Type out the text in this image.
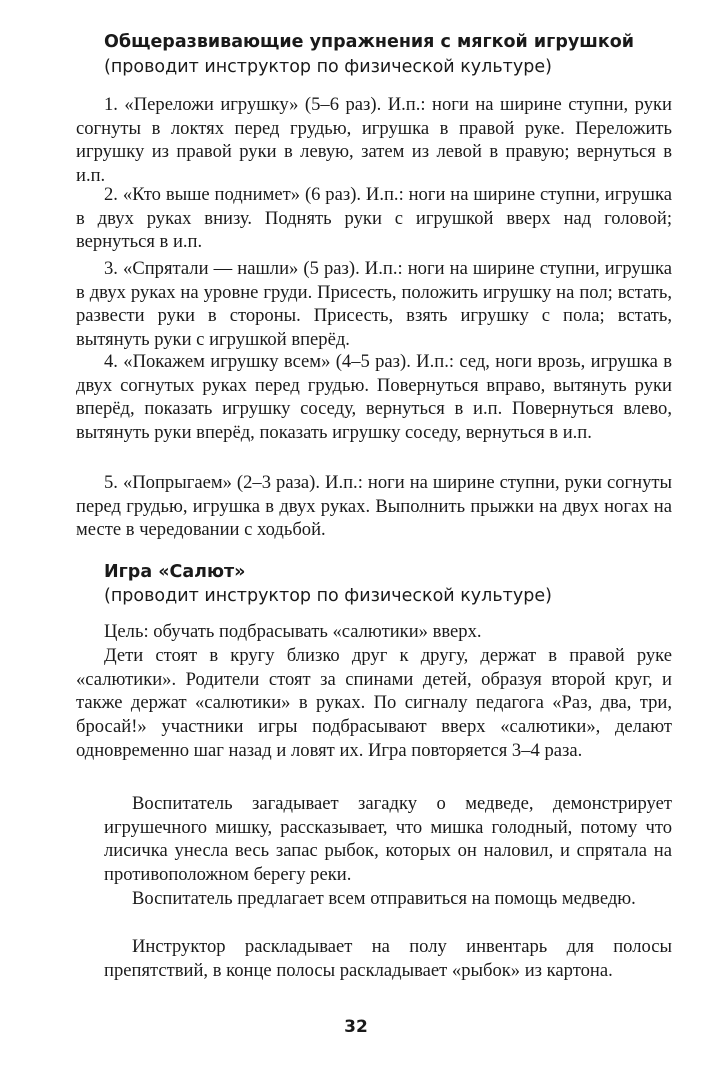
Общеразвивающие упражнения с мягкой игрушкой
(проводит инструктор по физической культуре)

1. «Переложи игрушку» (5–6 раз). И.п.: ноги на ширине ступни, руки согнуты в локтях перед грудью, игрушка в правой руке. Переложить игрушку из правой руки в левую, затем из левой в правую; вернуться в и.п.

2. «Кто выше поднимет» (6 раз). И.п.: ноги на ширине ступни, игрушка в двух руках внизу. Поднять руки с игрушкой вверх над головой; вернуться в и.п.

3. «Спрятали — нашли» (5 раз). И.п.: ноги на ширине ступни, игрушка в двух руках на уровне груди. Присесть, положить игрушку на пол; встать, развести руки в стороны. Присесть, взять игрушку с пола; встать, вытянуть руки с игрушкой вперёд.

4. «Покажем игрушку всем» (4–5 раз). И.п.: сед, ноги врозь, игрушка в двух согнутых руках перед грудью. Повернуться вправо, вытянуть руки вперёд, показать игрушку соседу, вернуться в и.п. Повернуться влево, вытянуть руки вперёд, показать игрушку соседу, вернуться в и.п.

5. «Попрыгаем» (2–3 раза). И.п.: ноги на ширине ступни, руки согнуты перед грудью, игрушка в двух руках. Выполнить прыжки на двух ногах на месте в чередовании с ходьбой.

Игра «Салют»
(проводит инструктор по физической культуре)

Цель: обучать подбрасывать «салютики» вверх.

Дети стоят в кругу близко друг к другу, держат в правой руке «салютики». Родители стоят за спинами детей, образуя второй круг, и также держат «салютики» в руках. По сигналу педагога «Раз, два, три, бросай!» участники игры подбрасывают вверх «салютики», делают одновременно шаг назад и ловят их. Игра повторяется 3–4 раза.

Воспитатель загадывает загадку о медведе, демонстрирует игрушечного мишку, рассказывает, что мишка голодный, потому что лисичка унесла весь запас рыбок, которых он наловил, и спрятала на противоположном берегу реки.

Воспитатель предлагает всем отправиться на помощь медведю.

Инструктор раскладывает на полу инвентарь для полосы препятствий, в конце полосы раскладывает «рыбок» из картона.

32
